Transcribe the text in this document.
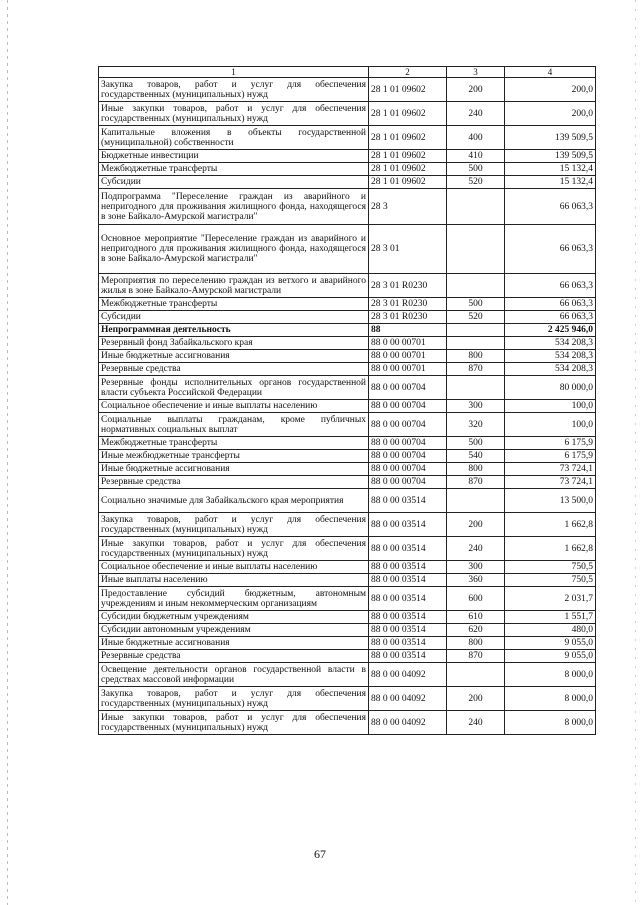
1	2	3	4
Закупка товаров, работ и услуг для обеспечения государственных (муниципальных) нужд	28 1 01 09602	200	200,0
Иные закупки товаров, работ и услуг для обеспечения государственных (муниципальных) нужд	28 1 01 09602	240	200,0
Капитальные вложения в объекты государственной (муниципальной) собственности	28 1 01 09602	400	139 509,5
Бюджетные инвестиции	28 1 01 09602	410	139 509,5
Межбюджетные трансферты	28 1 01 09602	500	15 132,4
Субсидии	28 1 01 09602	520	15 132,4
Подпрограмма "Переселение граждан из аварийного и непригодного для проживания жилищного фонда, находящегося в зоне Байкало-Амурской магистрали"	28 3		66 063,3
Основное мероприятие "Переселение граждан из аварийного и непригодного для проживания жилищного фонда, находящегося в зоне Байкало-Амурской магистрали"	28 3 01		66 063,3
Мероприятия по переселению граждан из ветхого и аварийного жилья в зоне Байкало-Амурской магистрали	28 3 01 R0230		66 063,3
Межбюджетные трансферты	28 3 01 R0230	500	66 063,3
Субсидии	28 3 01 R0230	520	66 063,3
Непрограммная деятельность	88		2 425 946,0
Резервный фонд Забайкальского края	88 0 00 00701		534 208,3
Иные бюджетные ассигнования	88 0 00 00701	800	534 208,3
Резервные средства	88 0 00 00701	870	534 208,3
Резервные фонды исполнительных органов государственной власти субъекта Российской Федерации	88 0 00 00704		80 000,0
Социальное обеспечение и иные выплаты населению	88 0 00 00704	300	100,0
Социальные выплаты гражданам, кроме публичных нормативных социальных выплат	88 0 00 00704	320	100,0
Межбюджетные трансферты	88 0 00 00704	500	6 175,9
Иные межбюджетные трансферты	88 0 00 00704	540	6 175,9
Иные бюджетные ассигнования	88 0 00 00704	800	73 724,1
Резервные средства	88 0 00 00704	870	73 724,1
Социально значимые для Забайкальского края мероприятия	88 0 00 03514		13 500,0
Закупка товаров, работ и услуг для обеспечения государственных (муниципальных) нужд	88 0 00 03514	200	1 662,8
Иные закупки товаров, работ и услуг для обеспечения государственных (муниципальных) нужд	88 0 00 03514	240	1 662,8
Социальное обеспечение и иные выплаты населению	88 0 00 03514	300	750,5
Иные выплаты населению	88 0 00 03514	360	750,5
Предоставление субсидий бюджетным, автономным учреждениям и иным некоммерческим организациям	88 0 00 03514	600	2 031,7
Субсидии бюджетным учреждениям	88 0 00 03514	610	1 551,7
Субсидии автономным учреждениям	88 0 00 03514	620	480,0
Иные бюджетные ассигнования	88 0 00 03514	800	9 055,0
Резервные средства	88 0 00 03514	870	9 055,0
Освещение деятельности органов государственной власти в средствах массовой информации	88 0 00 04092		8 000,0
Закупка товаров, работ и услуг для обеспечения государственных (муниципальных) нужд	88 0 00 04092	200	8 000,0
Иные закупки товаров, работ и услуг для обеспечения государственных (муниципальных) нужд	88 0 00 04092	240	8 000,0
67
